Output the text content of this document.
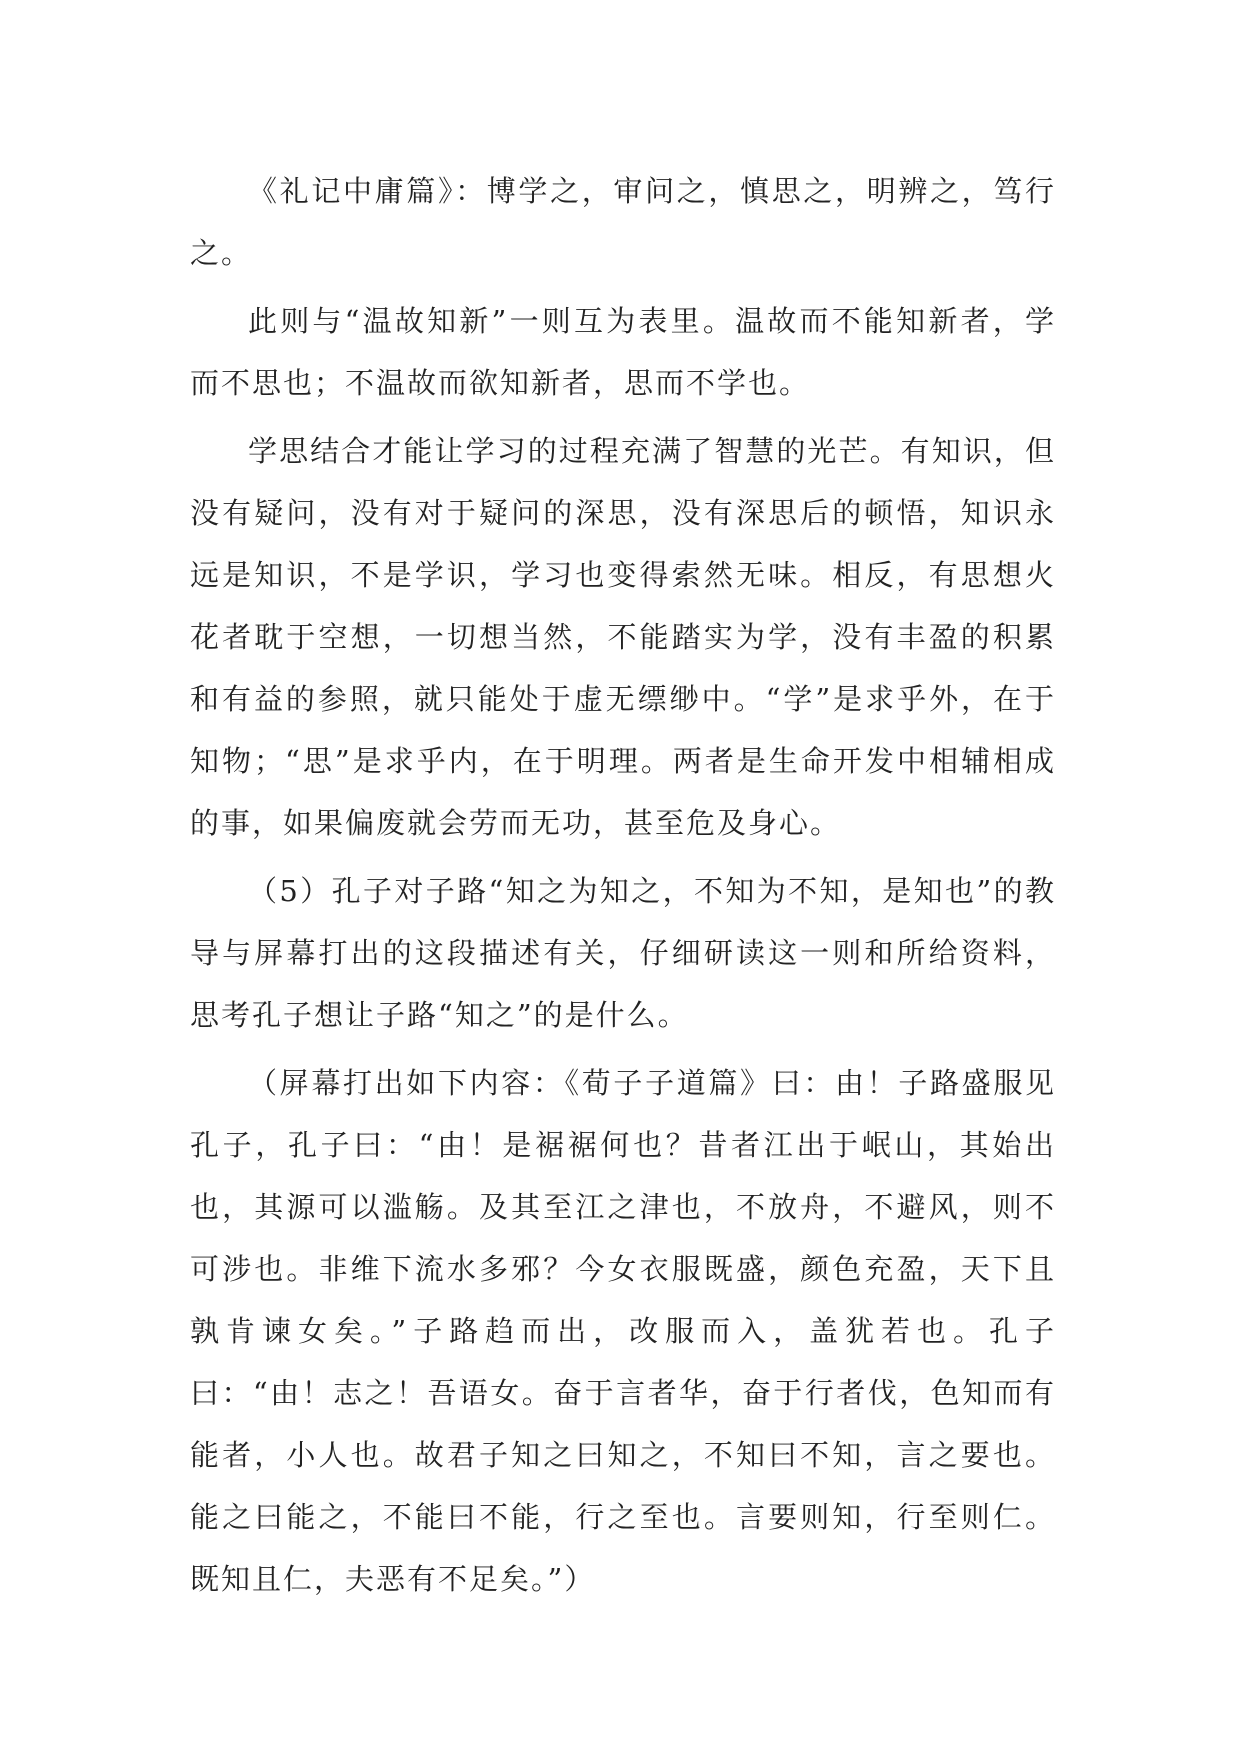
《礼记中庸篇》：博学之，审问之，慎思之，明辨之，笃行之。

此则与“温故知新”一则互为表里。温故而不能知新者，学而不思也；不温故而欲知新者，思而不学也。

学思结合才能让学习的过程充满了智慧的光芒。有知识，但没有疑问，没有对于疑问的深思，没有深思后的顿悟，知识永远是知识，不是学识，学习也变得索然无味。相反，有思想火花者耽于空想，一切想当然，不能踏实为学，没有丰盈的积累和有益的参照，就只能处于虚无缥缈中。“学”是求乎外，在于知物；“思”是求乎内，在于明理。两者是生命开发中相辅相成的事，如果偏废就会劳而无功，甚至危及身心。

（5）孔子对子路“知之为知之，不知为不知，是知也”的教导与屏幕打出的这段描述有关，仔细研读这一则和所给资料，思考孔子想让子路“知之”的是什么。

（屏幕打出如下内容：《荀子子道篇》曰：由！子路盛服见孔子，孔子曰：“由！是裾裾何也？昔者江出于岷山，其始出也，其源可以滥觞。及其至江之津也，不放舟，不避风，则不可涉也。非维下流水多邪？今女衣服既盛，颜色充盈，天下且孰肯谏女矣。”子路趋而出，改服而入，盖犹若也。孔子曰：“由！志之！吾语女。奋于言者华，奋于行者伐，色知而有能者，小人也。故君子知之曰知之，不知曰不知，言之要也。能之曰能之，不能曰不能，行之至也。言要则知，行至则仁。既知且仁，夫恶有不足矣。”）
